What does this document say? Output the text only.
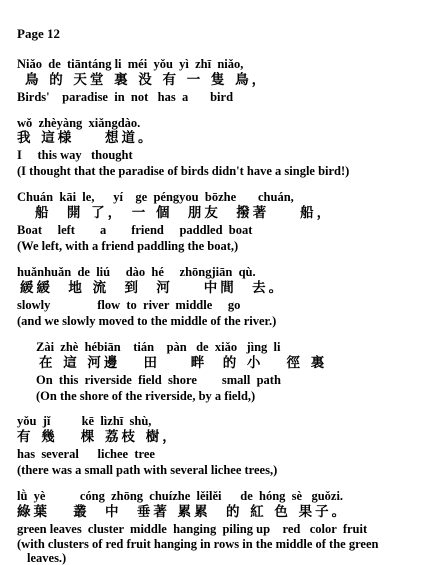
Page 12
Niǎo  de  tiāntáng li  méi  yǒu  yì  zhī  niǎo,
鳥 的 天堂 裏 没 有 一 隻 鳥，
Birds'    paradise  in  not   has  a       bird
wǒ  zhèyàng  xiǎngdào.
我 這様    想道。
I     this way   thought
(I thought that the paradise of birds didn't have a single bird!)
Chuán  kāi  le,      yí    ge  péngyou  bōzhe       chuán,
船  開 了， 一 個  朋友  撥著    船，
Boat     left        a        friend     paddled  boat
(We left, with a friend paddling the boat,)
huǎnhuǎn  de  liú     dào  hé     zhōngjiān  qù.
緩緩  地 流  到  河    中間  去。
slowly               flow  to  river  middle     go
(and we slowly moved to the middle of the river.)
Zài  zhè  hébiān    tián    pàn   de  xiǎo   jìng  li
在 這 河邊   田    畔  的 小   徑 裏
On  this  riverside  field  shore        small  path
(On the shore of the riverside, by a field,)
yǒu  jǐ          kē  lìzhī  shù,
有 幾   棵 荔枝 樹，
has  several      lichee  tree
(there was a small path with several lichee trees,)
lǜ  yè           cóng  zhōng  chuízhe  lěilěi      de  hóng  sè   guǒzi.
綠葉   叢  中  垂著 累累  的 紅 色 果子。
green leaves  cluster  middle  hanging  piling up    red   color  fruit
(with clusters of red fruit hanging in rows in the middle of the green
leaves.)
